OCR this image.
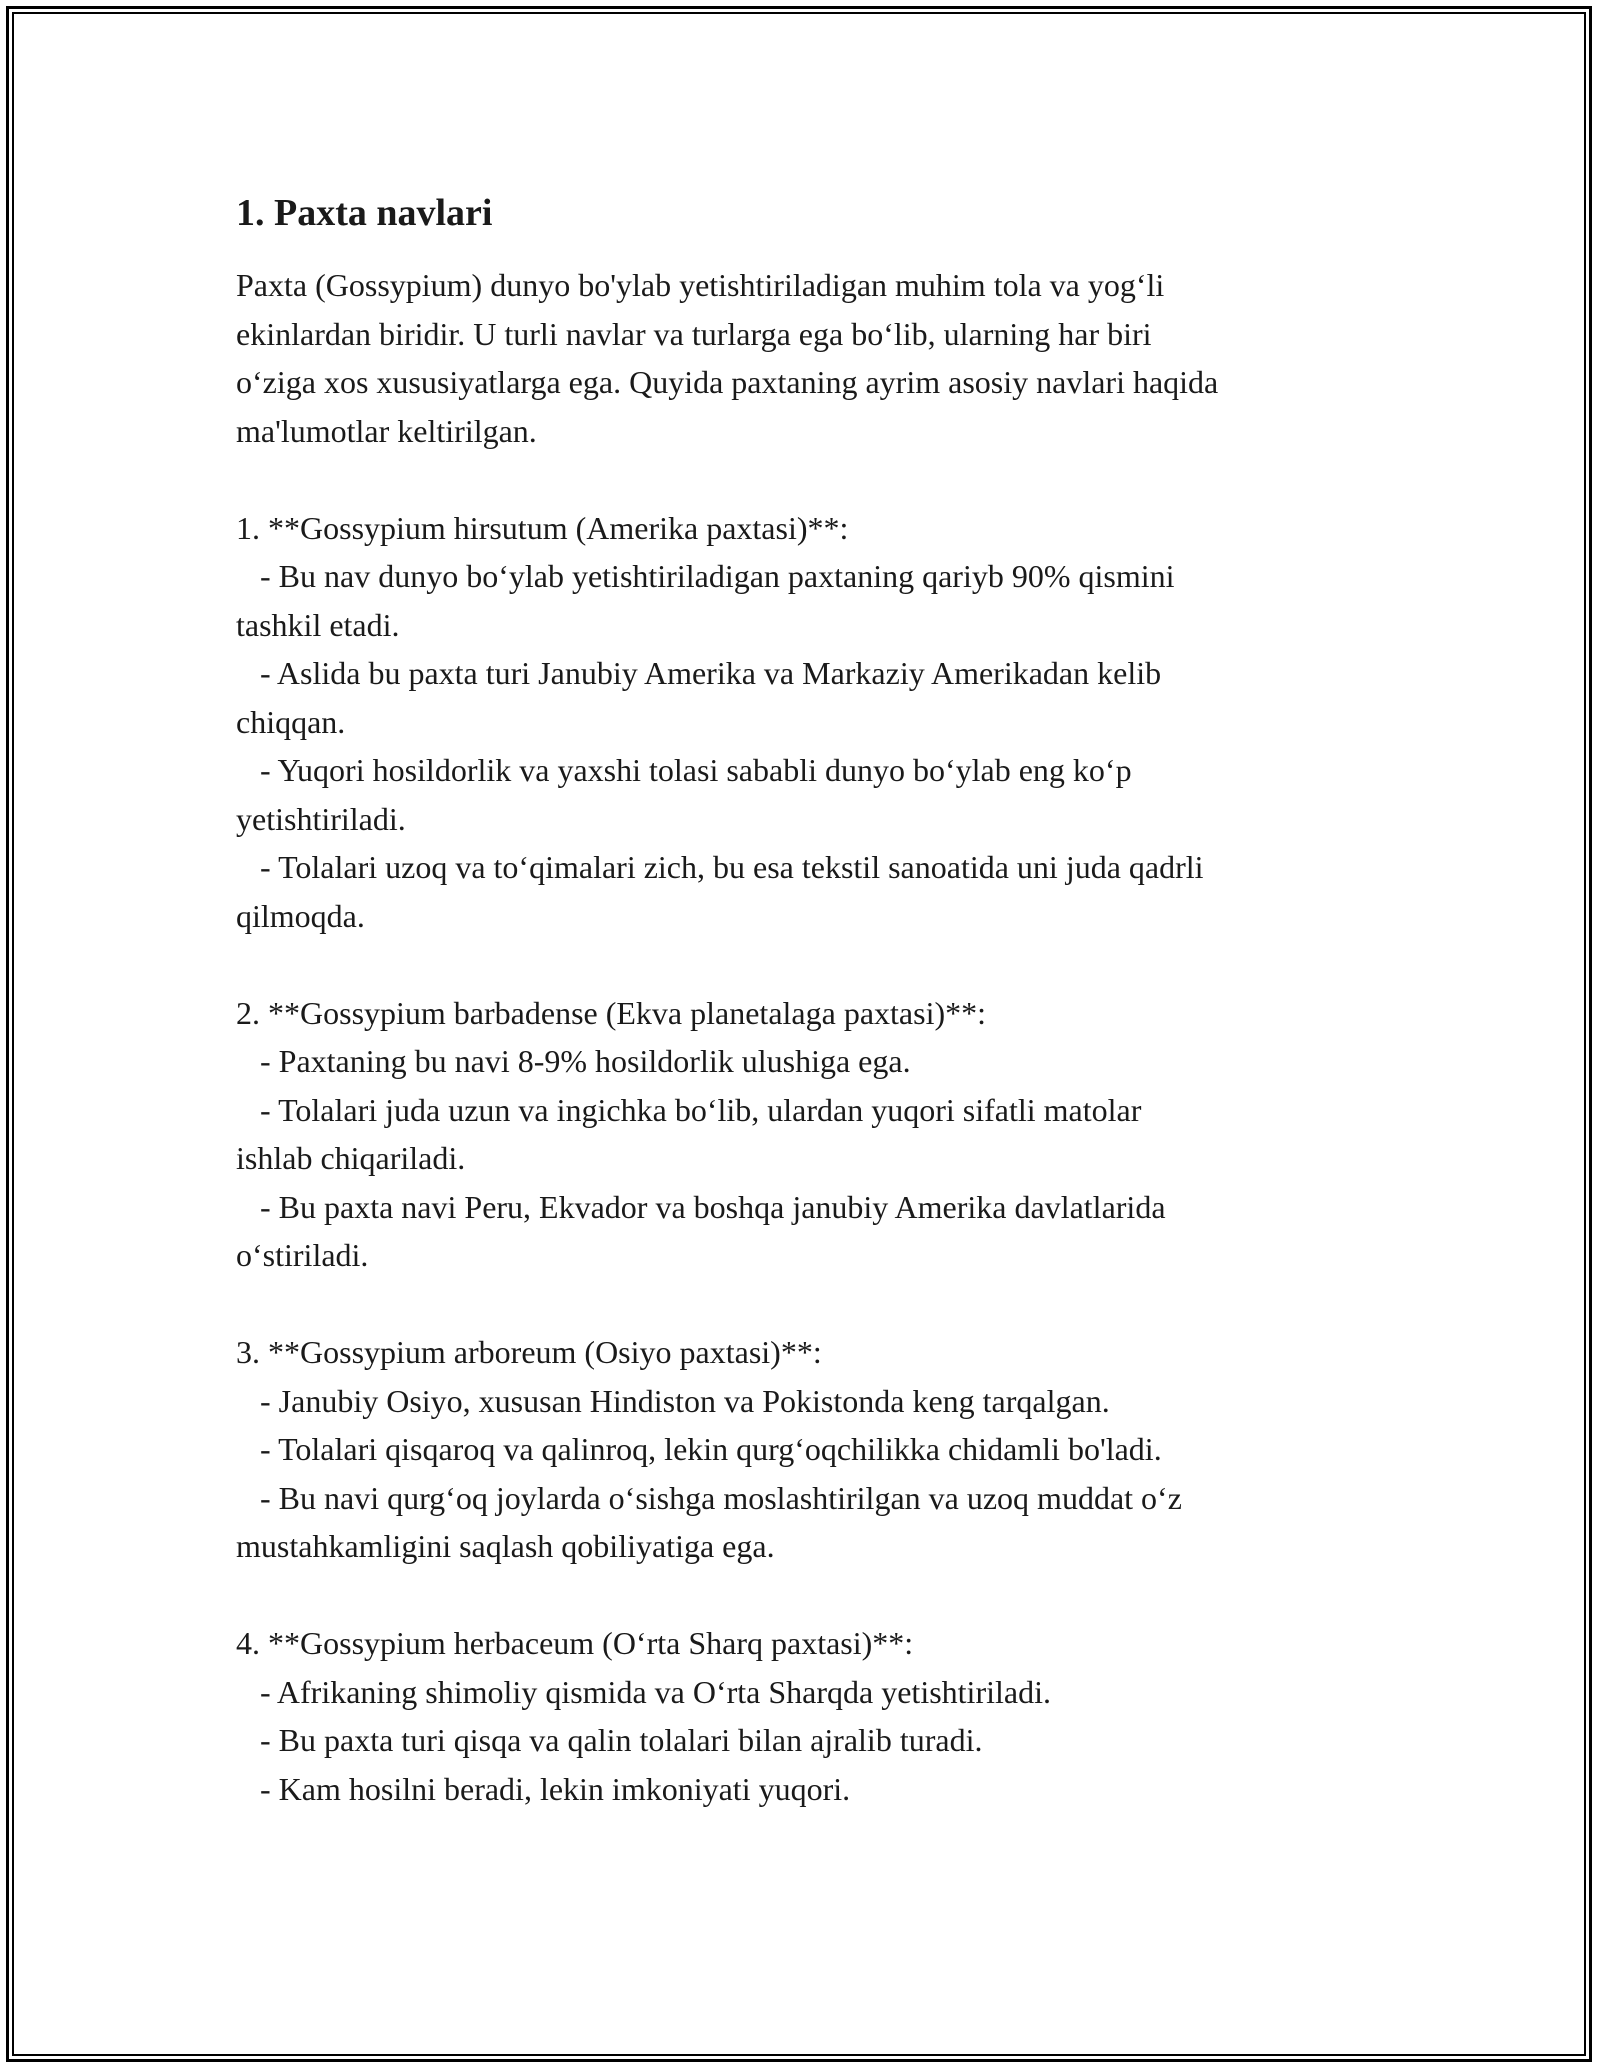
1. Paxta navlari

Paxta (Gossypium) dunyo bo'ylab yetishtiriladigan muhim tola va yog‘li
ekinlardan biridir. U turli navlar va turlarga ega bo‘lib, ularning har biri
o‘ziga xos xususiyatlarga ega. Quyida paxtaning ayrim asosiy navlari haqida
ma'lumotlar keltirilgan.

1. **Gossypium hirsutum (Amerika paxtasi)**:
- Bu nav dunyo bo‘ylab yetishtiriladigan paxtaning qariyb 90% qismini
tashkil etadi.
- Aslida bu paxta turi Janubiy Amerika va Markaziy Amerikadan kelib
chiqqan.
- Yuqori hosildorlik va yaxshi tolasi sababli dunyo bo‘ylab eng ko‘p
yetishtiriladi.
- Tolalari uzoq va to‘qimalari zich, bu esa tekstil sanoatida uni juda qadrli
qilmoqda.
2. **Gossypium barbadense (Ekva planetalaga paxtasi)**:
- Paxtaning bu navi 8-9% hosildorlik ulushiga ega.
- Tolalari juda uzun va ingichka bo‘lib, ulardan yuqori sifatli matolar
ishlab chiqariladi.
- Bu paxta navi Peru, Ekvador va boshqa janubiy Amerika davlatlarida
o‘stiriladi.
3. **Gossypium arboreum (Osiyo paxtasi)**:
- Janubiy Osiyo, xususan Hindiston va Pokistonda keng tarqalgan.
- Tolalari qisqaroq va qalinroq, lekin qurg‘oqchilikka chidamli bo'ladi.
- Bu navi qurg‘oq joylarda o‘sishga moslashtirilgan va uzoq muddat o‘z
mustahkamligini saqlash qobiliyatiga ega.
4. **Gossypium herbaceum (O‘rta Sharq paxtasi)**:
- Afrikaning shimoliy qismida va O‘rta Sharqda yetishtiriladi.
- Bu paxta turi qisqa va qalin tolalari bilan ajralib turadi.
- Kam hosilni beradi, lekin imkoniyati yuqori.
